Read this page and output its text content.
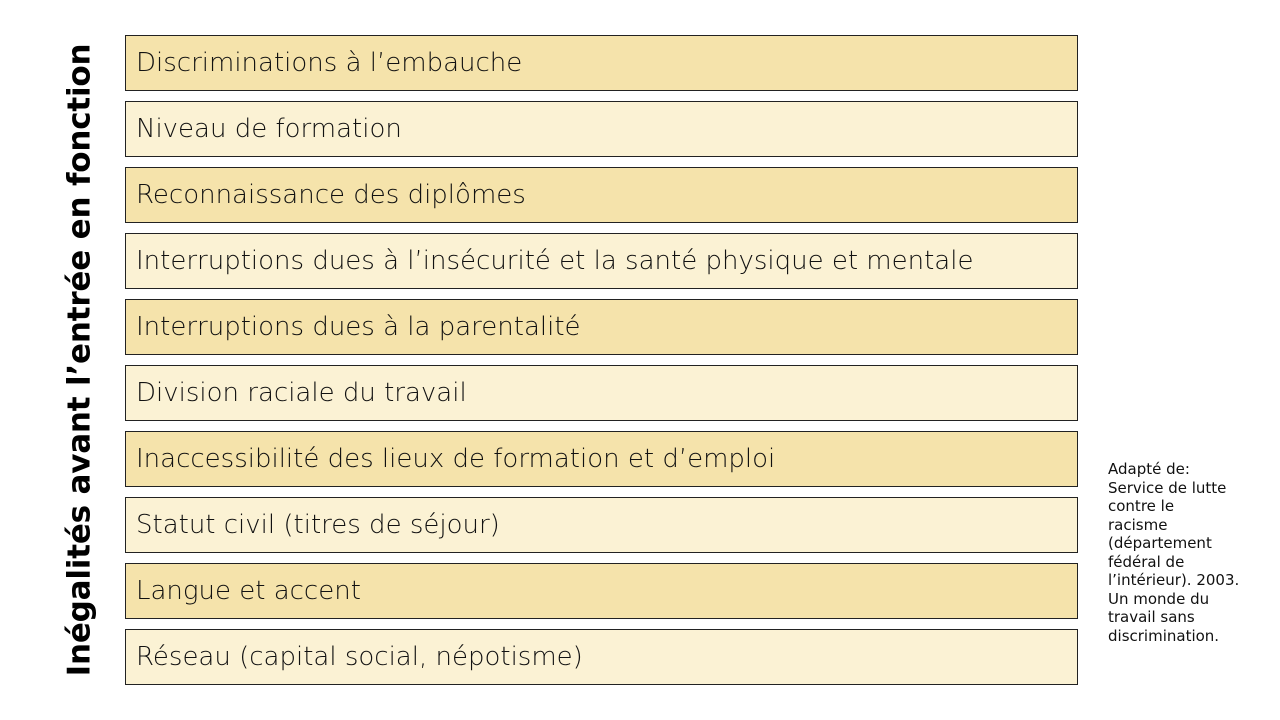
Inégalités avant l’entrée en fonction Discriminations à l’embauche
Niveau de formation
Reconnaissance des diplômes
Interruptions dues à l’insécurité et la santé physique et mentale
Interruptions dues à la parentalité
Division raciale du travail
Inaccessibilité des lieux de formation et d’emploi
Statut civil (titres de séjour)
Langue et accent
Réseau (capital social, népotisme)
Adapté de:
Service de lutte
contre le
racisme
(département
fédéral de
l’intérieur). 2003.
Un monde du
travail sans
discrimination.
